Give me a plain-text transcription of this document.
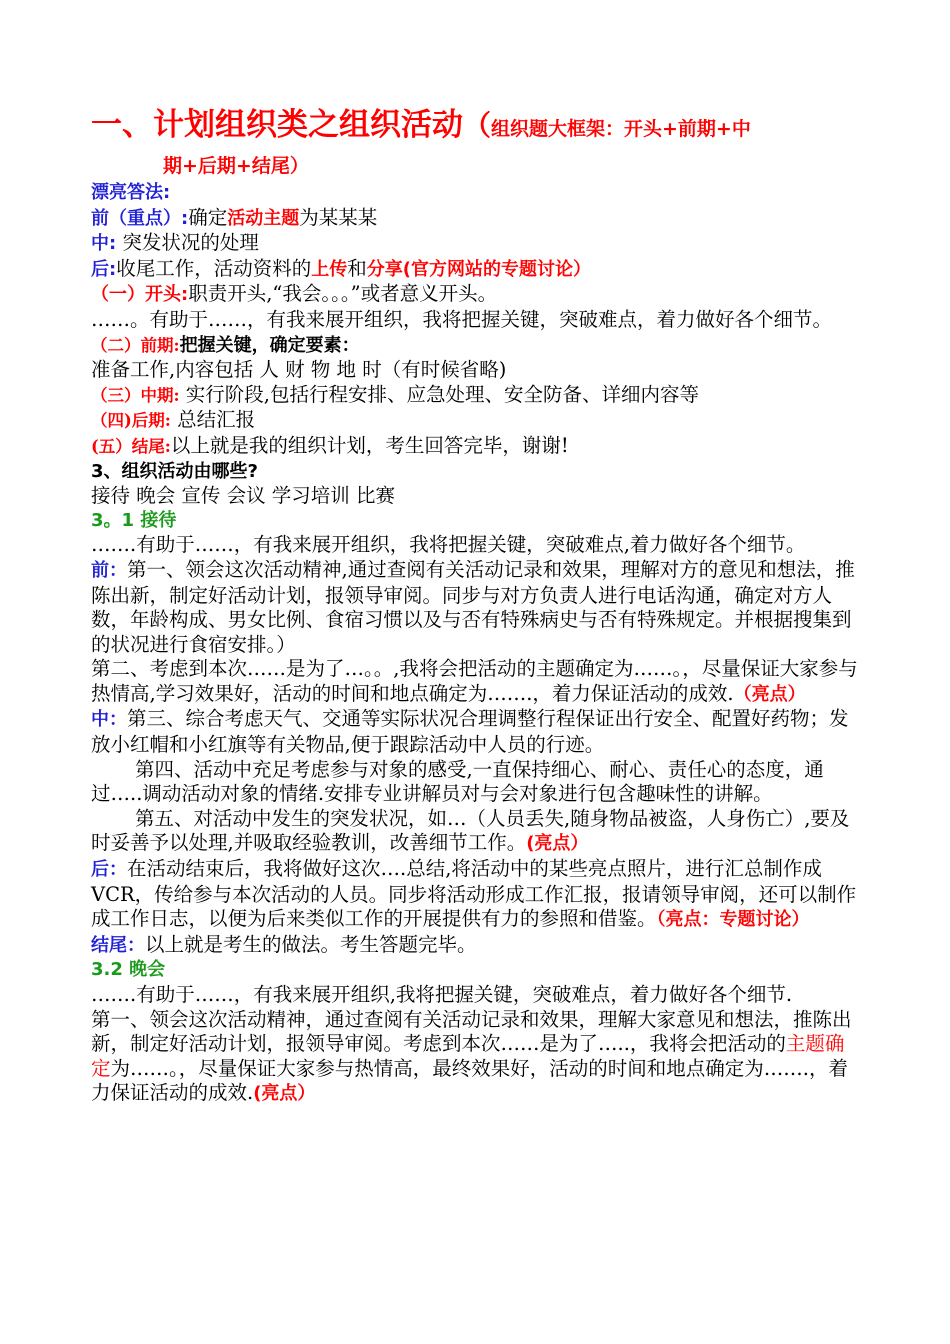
一、计划组织类之组织活动（组织题大框架：开头+前期+中
期+后期+结尾）
漂亮答法:
前（重点）:确定活动主题为某某某
中: 突发状况的处理
后:收尾工作，活动资料的上传和分享(官方网站的专题讨论）
（一）开头:职责开头,“我会。。。”或者意义开头。
……。有助于……，有我来展开组织，我将把握关键，突破难点，着力做好各个细节。
（二）前期:把握关键，确定要素：
准备工作,内容包括 人 财 物 地 时（有时候省略)
（三）中期: 实行阶段,包括行程安排、应急处理、安全防备、详细内容等
（四)后期: 总结汇报
(五）结尾:以上就是我的组织计划，考生回答完毕，谢谢!
3、组织活动由哪些?
接待 晚会 宣传 会议 学习培训 比赛
3。1 接待
…….有助于……，有我来展开组织，我将把握关键，突破难点,着力做好各个细节。
前：第一、领会这次活动精神,通过查阅有关活动记录和效果，理解对方的意见和想法，推陈出新，制定好活动计划，报领导审阅。同步与对方负责人进行电话沟通，确定对方人数，年龄构成、男女比例、食宿习惯以及与否有特殊病史与否有特殊规定。并根据搜集到的状况进行食宿安排。）
第二、考虑到本次……是为了…。。,我将会把活动的主题确定为……。，尽量保证大家参与热情高,学习效果好，活动的时间和地点确定为…….，着力保证活动的成效.（亮点）
中：第三、综合考虑天气、交通等实际状况合理调整行程保证出行安全、配置好药物；发放小红帽和小红旗等有关物品,便于跟踪活动中人员的行迹。
第四、活动中充足考虑参与对象的感受,一直保持细心、耐心、责任心的态度，通过…..调动活动对象的情绪.安排专业讲解员对与会对象进行包含趣味性的讲解。
第五、对活动中发生的突发状况，如…（人员丢失,随身物品被盗，人身伤亡）,要及时妥善予以处理,并吸取经验教训，改善细节工作。(亮点）
后：在活动结束后，我将做好这次….总结,将活动中的某些亮点照片，进行汇总制作成 VCR，传给参与本次活动的人员。同步将活动形成工作汇报，报请领导审阅，还可以制作成工作日志，以便为后来类似工作的开展提供有力的参照和借鉴。（亮点：专题讨论）
结尾：以上就是考生的做法。考生答题完毕。
3.2 晚会
…….有助于……，有我来展开组织,我将把握关键，突破难点，着力做好各个细节.
第一、领会这次活动精神，通过查阅有关活动记录和效果，理解大家意见和想法，推陈出新，制定好活动计划，报领导审阅。考虑到本次……是为了…..，我将会把活动的主题确定为……。，尽量保证大家参与热情高，最终效果好，活动的时间和地点确定为…….，着力保证活动的成效.(亮点）
